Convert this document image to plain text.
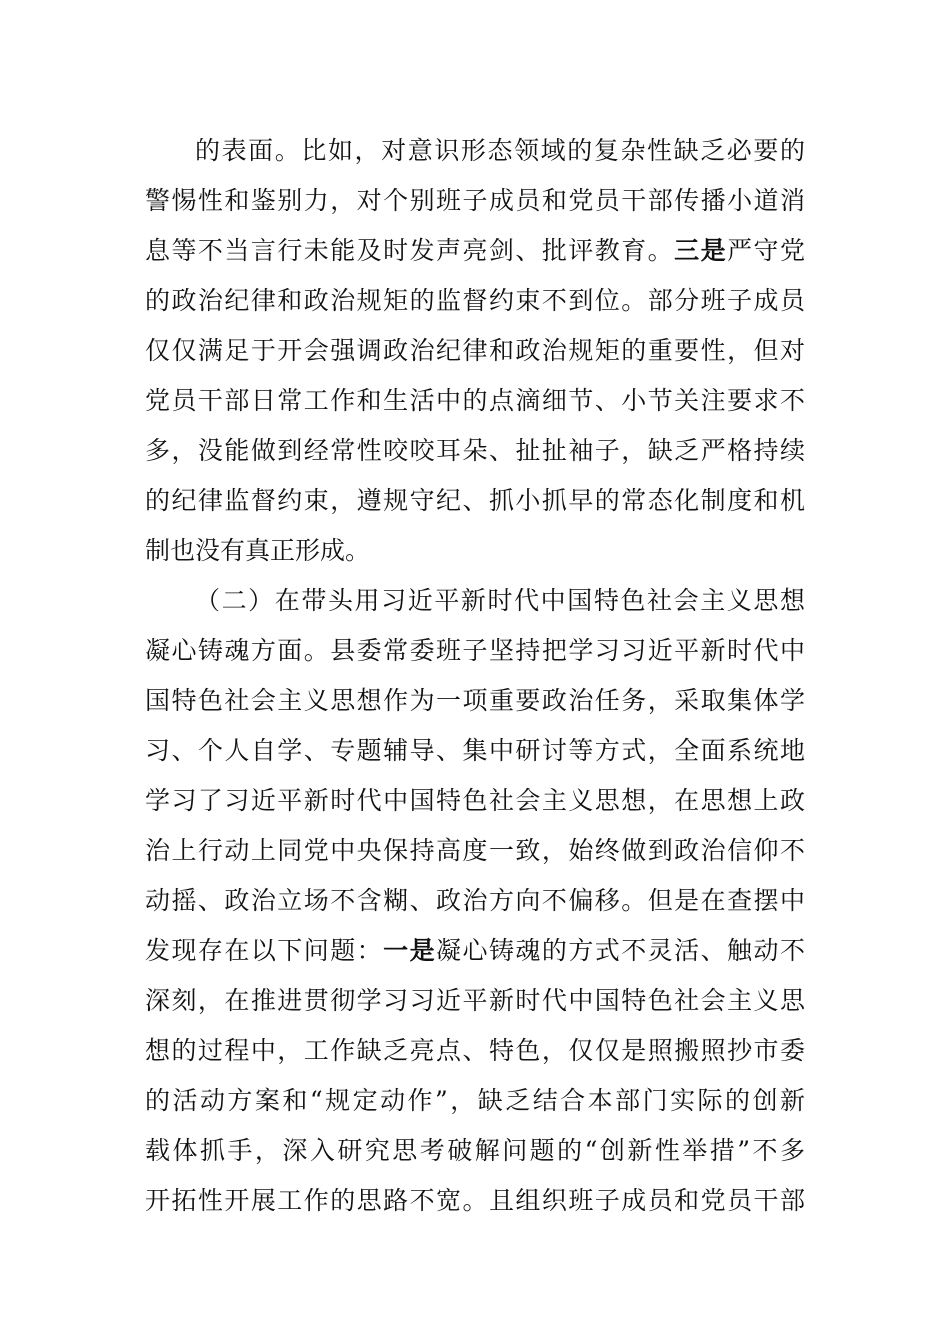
的表面。比如，对意识形态领域的复杂性缺乏必要的
警惕性和鉴别力，对个别班子成员和党员干部传播小道消
息等不当言行未能及时发声亮剑、批评教育。三是严守党
的政治纪律和政治规矩的监督约束不到位。部分班子成员
仅仅满足于开会强调政治纪律和政治规矩的重要性，但对
党员干部日常工作和生活中的点滴细节、小节关注要求不
多，没能做到经常性咬咬耳朵、扯扯袖子，缺乏严格持续
的纪律监督约束，遵规守纪、抓小抓早的常态化制度和机
制也没有真正形成。
（二）在带头用习近平新时代中国特色社会主义思想
凝心铸魂方面。县委常委班子坚持把学习习近平新时代中
国特色社会主义思想作为一项重要政治任务，采取集体学
习、个人自学、专题辅导、集中研讨等方式，全面系统地
学习了习近平新时代中国特色社会主义思想，在思想上政
治上行动上同党中央保持高度一致，始终做到政治信仰不
动摇、政治立场不含糊、政治方向不偏移。但是在查摆中
发现存在以下问题：一是凝心铸魂的方式不灵活、触动不
深刻，在推进贯彻学习习近平新时代中国特色社会主义思
想的过程中，工作缺乏亮点、特色，仅仅是照搬照抄市委
的活动方案和“规定动作”，缺乏结合本部门实际的创新
载体抓手，深入研究思考破解问题的“创新性举措”不多
开拓性开展工作的思路不宽。且组织班子成员和党员干部
